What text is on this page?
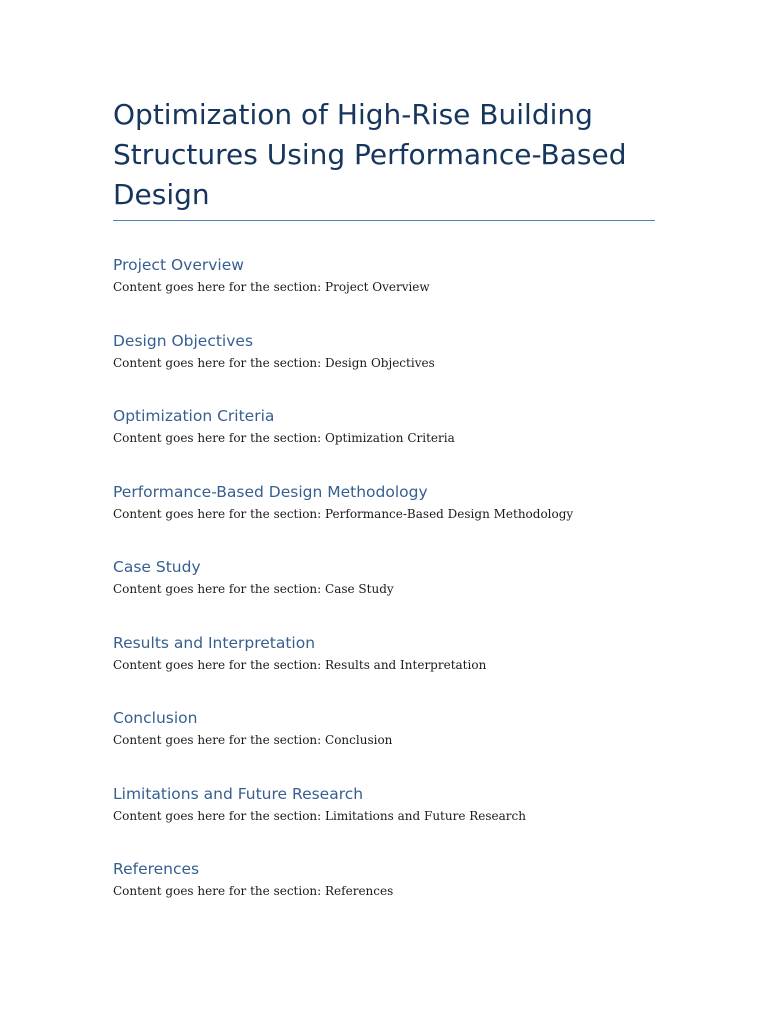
Optimization of High-Rise Building Structures Using Performance-Based Design
Project Overview

Content goes here for the section: Project Overview

Design Objectives

Content goes here for the section: Design Objectives

Optimization Criteria

Content goes here for the section: Optimization Criteria

Performance-Based Design Methodology

Content goes here for the section: Performance-Based Design Methodology

Case Study

Content goes here for the section: Case Study

Results and Interpretation

Content goes here for the section: Results and Interpretation

Conclusion

Content goes here for the section: Conclusion

Limitations and Future Research

Content goes here for the section: Limitations and Future Research

References

Content goes here for the section: References
